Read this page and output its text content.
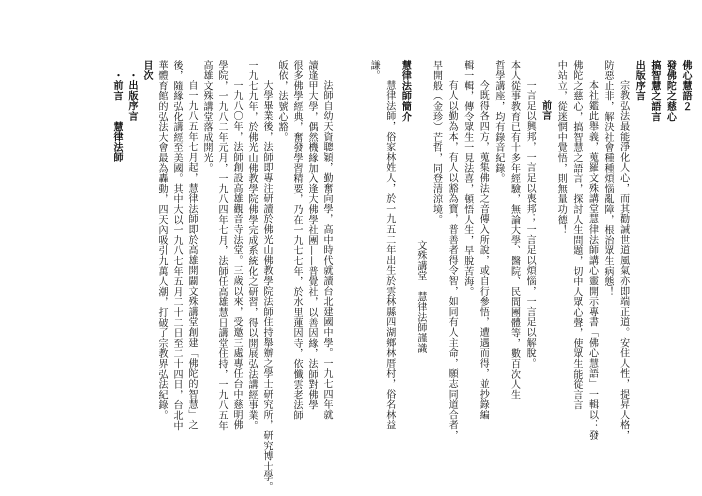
佛心慧語２

發佛陀之慈心

搞智慧之語言

出版序言

宗教弘法最能淨化人心，而其勸誡世道風氣亦即端正道。安住人性，提昇人格，

防惡止非，解決社會種種煩惱亂障，根治眾生病態！

本社鑑此舉義，蒐羅文殊講堂慧律法師講心靈開示專書「佛心慧語」一輯以：發

佛陀之慈心，搞智慧之語言，探討人生問題，切中人眾心聲，使眾生能從言言

中站立，從迷惘中覺悟，則無量功德！

前言

一言足以興邦，一言足以喪邦；一言足以煩惱，一言足以解脫。

本人從事教育已有十多年經驗，無論大學、醫院、民間團體等，數百次人生

哲學講座，均有錄音紀錄。

今既得各四方，蒐集佛法之音傳入所說，或自行參悟，遭遇而得，並抄錄編

輯一輯，傳令眾生一見法喜，頓悟人生，早脫苦海。

有人以勤為本，有人以豁為寶，普善者得令智，如同有人主命，願志同道合者，

早開般（金珍）芒哲，同登清涼境。

文殊講堂　慧律法師謹識

慧律法師簡介

慧律法師，俗家林姓人，於一九五二年出生於雲林縣四湖鄉林厝村，俗名林益

謙。

法師自幼天資聰穎，勤奮向學，高中時代就讀台北建國中學。一九七四年就

讀逢甲大學，偶然機緣加入逢大佛學社團——普覺社，以善因緣，法師對佛學

很多佛學經典，奮發學習精要，乃在一九七七年，於水里蓮因寺，依懺雲老法師

皈依，法號心豁。

大學畢業後，法師即專注研讀於佛光山佛教學院法師住持舉辦之學士研究所，研究博士學。

一九七九年，於佛光山佛教學院佛學完成系統化之研習，得以開展弘法講經事業。

一九八〇年，法師創設高雄觀音寺法堂。三歲以來，受邀三處專任台中慈明佛

學院，一九八二年元月，一九八四年七月，法師任高雄慧日講堂住持，一九八五年

高雄文殊講堂落成開光。

自一九八五年七月起，慧律法師即於高雄開闢文殊講堂創建「佛陀的智慧」之

後，隨緣弘化講經至美國。其中大以一九八七年五月二十二日至二十四日，台北中

華體育館的弘法大會最為轟動，四天內吸引九萬人潮，打破了宗教界弘法紀錄。

目次

・出版序言

・前言　　慧律法師
